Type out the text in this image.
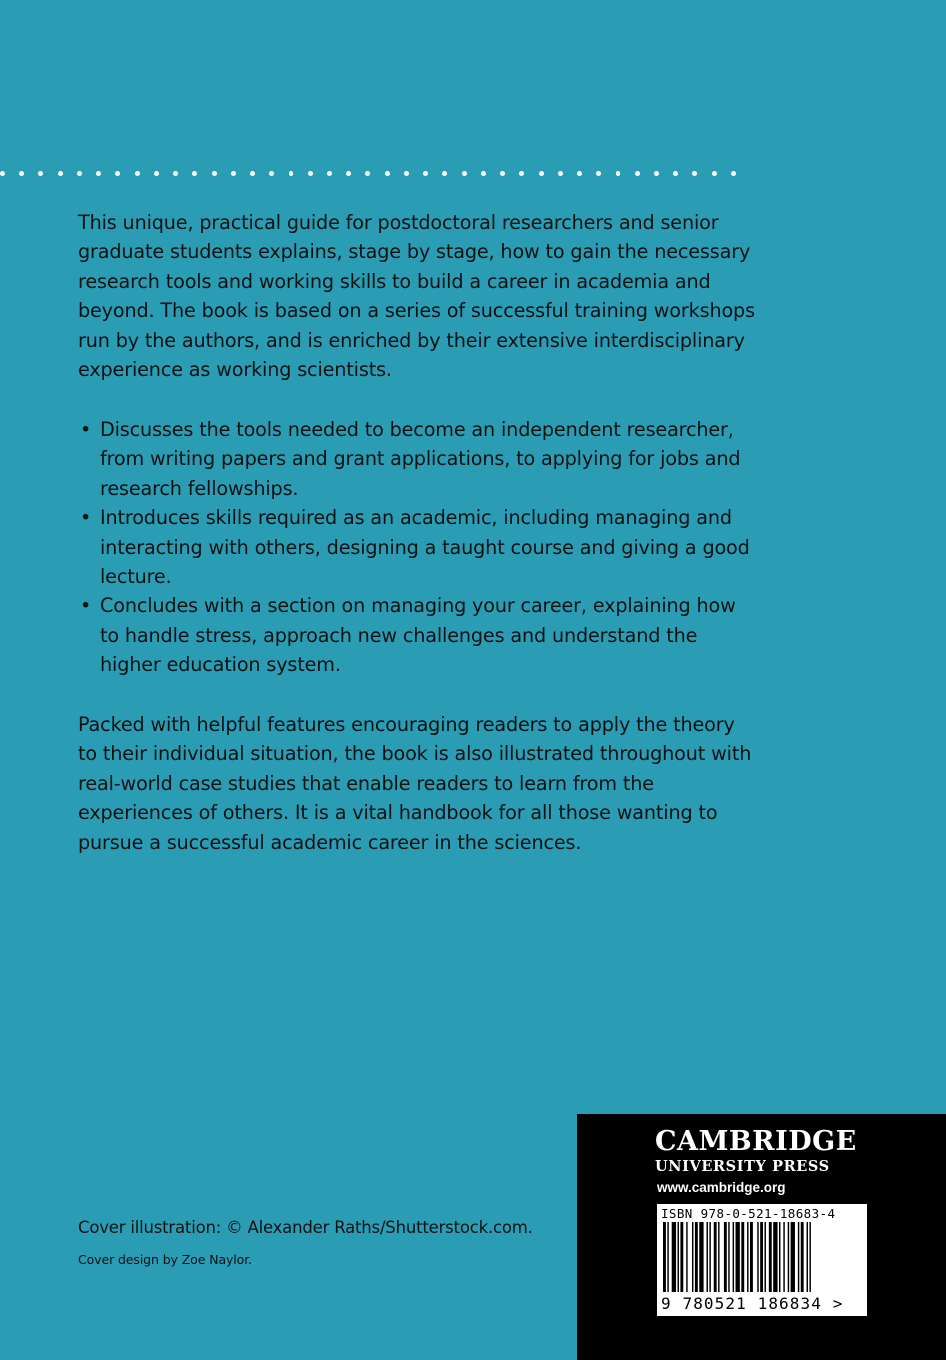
This unique, practical guide for postdoctoral researchers and senior graduate students explains, stage by stage, how to gain the necessary research tools and working skills to build a career in academia and beyond. The book is based on a series of successful training workshops run by the authors, and is enriched by their extensive interdisciplinary experience as working scientists.
• Discusses the tools needed to become an independent researcher, from writing papers and grant applications, to applying for jobs and research fellowships.
• Introduces skills required as an academic, including managing and interacting with others, designing a taught course and giving a good lecture.
• Concludes with a section on managing your career, explaining how to handle stress, approach new challenges and understand the higher education system.
Packed with helpful features encouraging readers to apply the theory to their individual situation, the book is also illustrated throughout with real-world case studies that enable readers to learn from the experiences of others. It is a vital handbook for all those wanting to pursue a successful academic career in the sciences.
Cover illustration: © Alexander Raths/Shutterstock.com.
Cover design by Zoe Naylor.
CAMBRIDGE
UNIVERSITY PRESS
www.cambridge.org
ISBN 978-0-521-18683-4
9 780521 186834 >
